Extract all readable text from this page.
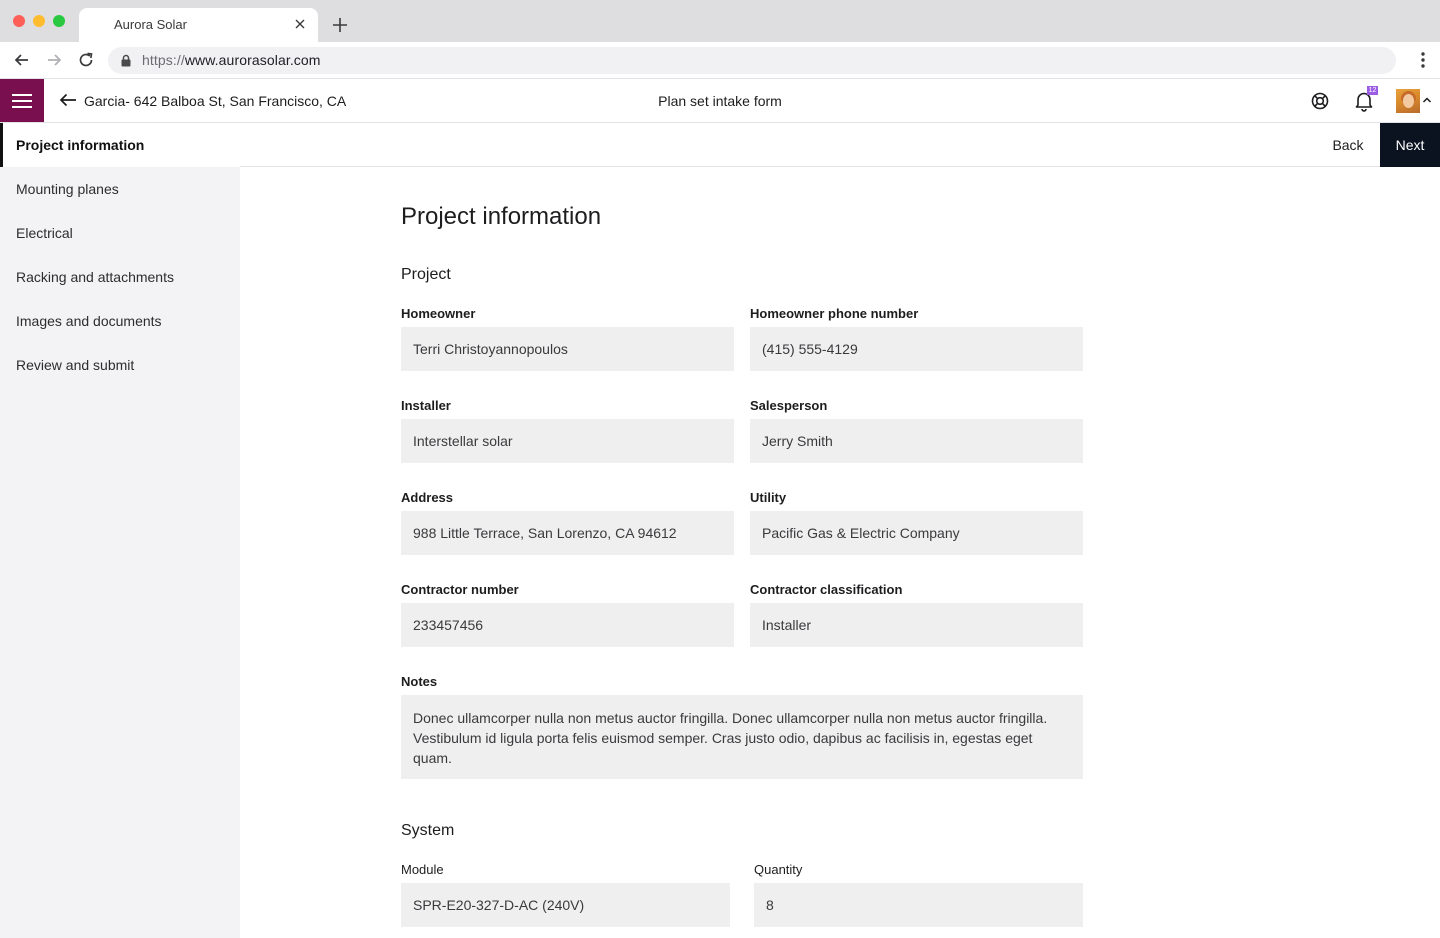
Aurora Solar
https://www.aurorasolar.com
Garcia- 642 Balboa St, San Francisco, CA	Plan set intake form
12
Project information
Mounting planes
Electrical
Racking and attachments
Images and documents
Review and submit
Back	Next
Project information
Project
Homeowner
Terri Christoyannopoulos
Homeowner phone number
(415) 555-4129
Installer
Interstellar solar
Salesperson
Jerry Smith
Address
988 Little Terrace, San Lorenzo, CA 94612
Utility
Pacific Gas & Electric Company
Contractor number
233457456
Contractor classification
Installer
Notes
Donec ullamcorper nulla non metus auctor fringilla. Donec ullamcorper nulla non metus auctor fringilla. Vestibulum id ligula porta felis euismod semper. Cras justo odio, dapibus ac facilisis in, egestas eget quam.
System
Module
SPR-E20-327-D-AC (240V)
Quantity
8
